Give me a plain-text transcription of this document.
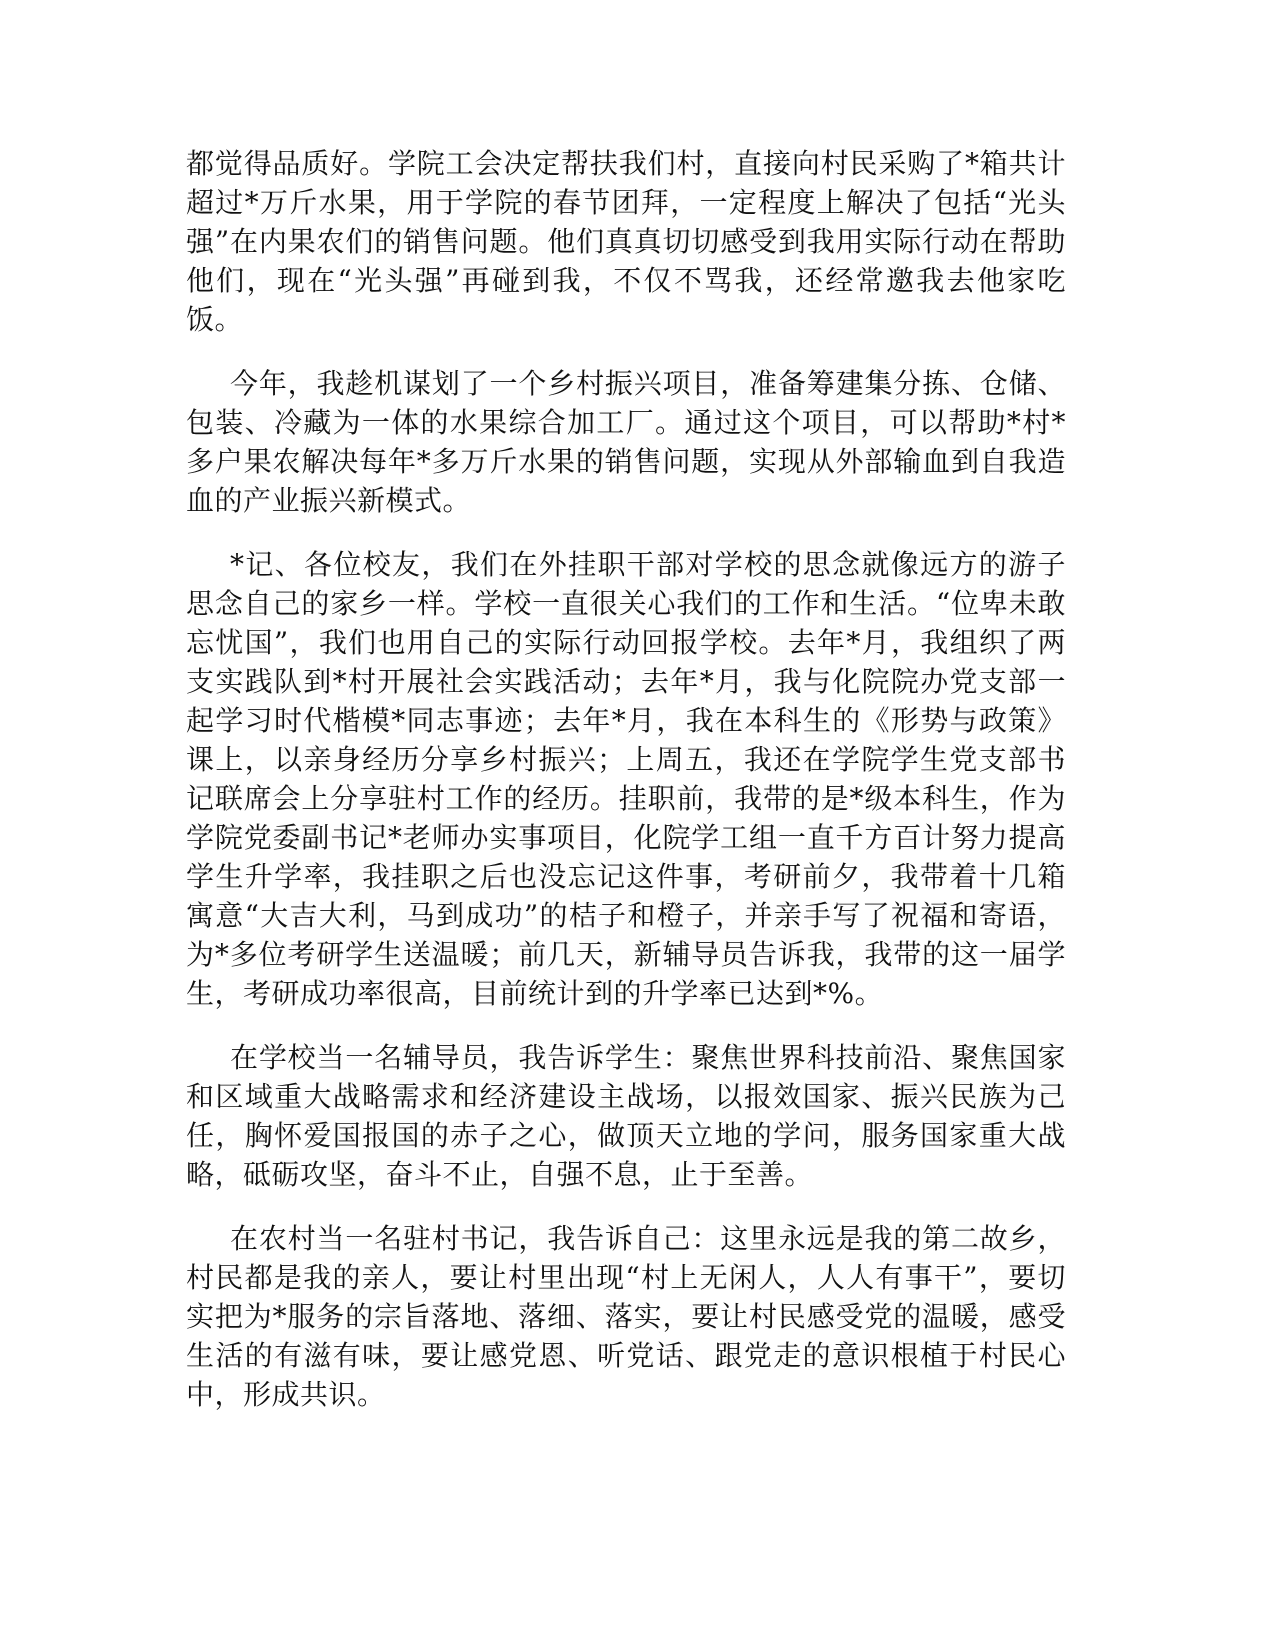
都觉得品质好。学院工会决定帮扶我们村，直接向村民采购了*箱共计超过*万斤水果，用于学院的春节团拜，一定程度上解决了包括“光头强”在内果农们的销售问题。他们真真切切感受到我用实际行动在帮助他们，现在“光头强”再碰到我，不仅不骂我，还经常邀我去他家吃饭。

今年，我趁机谋划了一个乡村振兴项目，准备筹建集分拣、仓储、包装、冷藏为一体的水果综合加工厂。通过这个项目，可以帮助*村*多户果农解决每年*多万斤水果的销售问题，实现从外部输血到自我造血的产业振兴新模式。

*记、各位校友，我们在外挂职干部对学校的思念就像远方的游子思念自己的家乡一样。学校一直很关心我们的工作和生活。“位卑未敢忘忧国”，我们也用自己的实际行动回报学校。去年*月，我组织了两支实践队到*村开展社会实践活动；去年*月，我与化院院办党支部一起学习时代楷模*同志事迹；去年*月，我在本科生的《形势与政策》课上，以亲身经历分享乡村振兴；上周五，我还在学院学生党支部书记联席会上分享驻村工作的经历。挂职前，我带的是*级本科生，作为学院党委副书记*老师办实事项目，化院学工组一直千方百计努力提高学生升学率，我挂职之后也没忘记这件事，考研前夕，我带着十几箱寓意“大吉大利，马到成功”的桔子和橙子，并亲手写了祝福和寄语，为*多位考研学生送温暖；前几天，新辅导员告诉我，我带的这一届学生，考研成功率很高，目前统计到的升学率已达到*%。

在学校当一名辅导员，我告诉学生：聚焦世界科技前沿、聚焦国家和区域重大战略需求和经济建设主战场，以报效国家、振兴民族为己任，胸怀爱国报国的赤子之心，做顶天立地的学问，服务国家重大战略，砥砺攻坚，奋斗不止，自强不息，止于至善。

在农村当一名驻村书记，我告诉自己：这里永远是我的第二故乡，村民都是我的亲人，要让村里出现“村上无闲人，人人有事干”，要切实把为*服务的宗旨落地、落细、落实，要让村民感受党的温暖，感受生活的有滋有味，要让感党恩、听党话、跟党走的意识根植于村民心中，形成共识。
